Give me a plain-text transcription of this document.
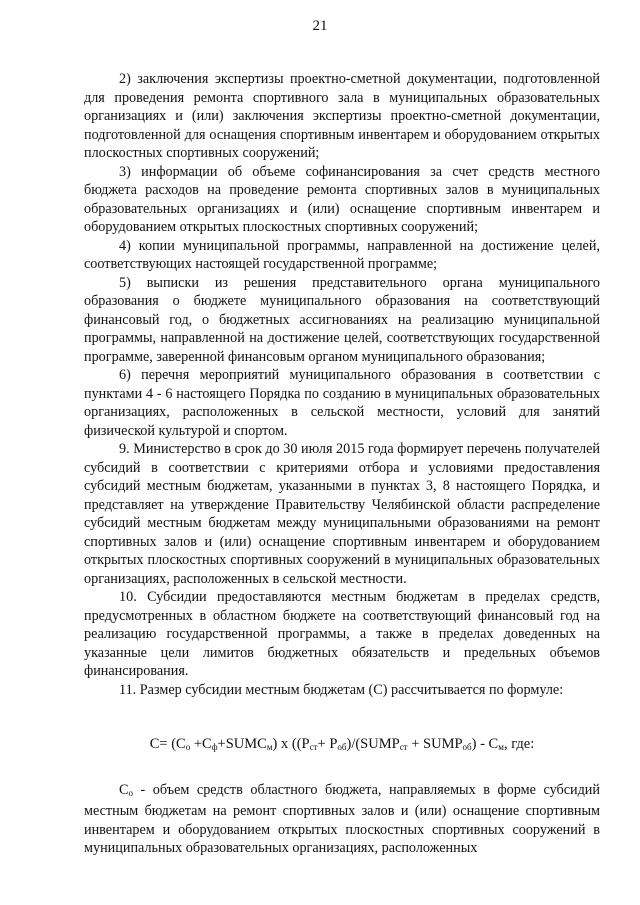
21

2) заключения экспертизы проектно-сметной документации, подготовленной для проведения ремонта спортивного зала в муниципальных образовательных организациях и (или) заключения экспертизы проектно-сметной документации, подготовленной для оснащения спортивным инвентарем и оборудованием открытых плоскостных спортивных сооружений;

3) информации об объеме софинансирования за счет средств местного бюджета расходов на проведение ремонта спортивных залов в муниципальных образовательных организациях и (или) оснащение спортивным инвентарем и оборудованием открытых плоскостных спортивных сооружений;

4) копии муниципальной программы, направленной на достижение целей, соответствующих настоящей государственной программе;

5) выписки из решения представительного органа муниципального образования о бюджете муниципального образования на соответствующий финансовый год, о бюджетных ассигнованиях на реализацию муниципальной программы, направленной на достижение целей, соответствующих государственной программе, заверенной финансовым органом муниципального образования;

6) перечня мероприятий муниципального образования в соответствии с пунктами 4 - 6 настоящего Порядка по созданию в муниципальных образовательных организациях, расположенных в сельской местности, условий для занятий физической культурой и спортом.

9. Министерство в срок до 30 июля 2015 года формирует перечень получателей субсидий в соответствии с критериями отбора и условиями предоставления субсидий местным бюджетам, указанными в пунктах 3, 8 настоящего Порядка, и представляет на утверждение Правительству Челябинской области распределение субсидий местным бюджетам между муниципальными образованиями на ремонт спортивных залов и (или) оснащение спортивным инвентарем и оборудованием открытых плоскостных спортивных сооружений в муниципальных образовательных организациях, расположенных в сельской местности.

10. Субсидии предоставляются местным бюджетам в пределах средств, предусмотренных в областном бюджете на соответствующий финансовый год на реализацию государственной программы, а также в пределах доведенных на указанные цели лимитов бюджетных обязательств и предельных объемов финансирования.

11. Размер субсидии местным бюджетам (С) рассчитывается по формуле:

$С= (С_о$ $+С_ф+SUMС_м$) x (($Р_{ст}+$ $Р_{об})/(SUMР_{ст}$ + $SUMР_{об}) - С_м$, где:

$С_о$ - объем средств областного бюджета, направляемых в форме субсидий местным бюджетам на ремонт спортивных залов и (или) оснащение спортивным инвентарем и оборудованием открытых плоскостных спортивных сооружений в муниципальных образовательных организациях, расположенных
